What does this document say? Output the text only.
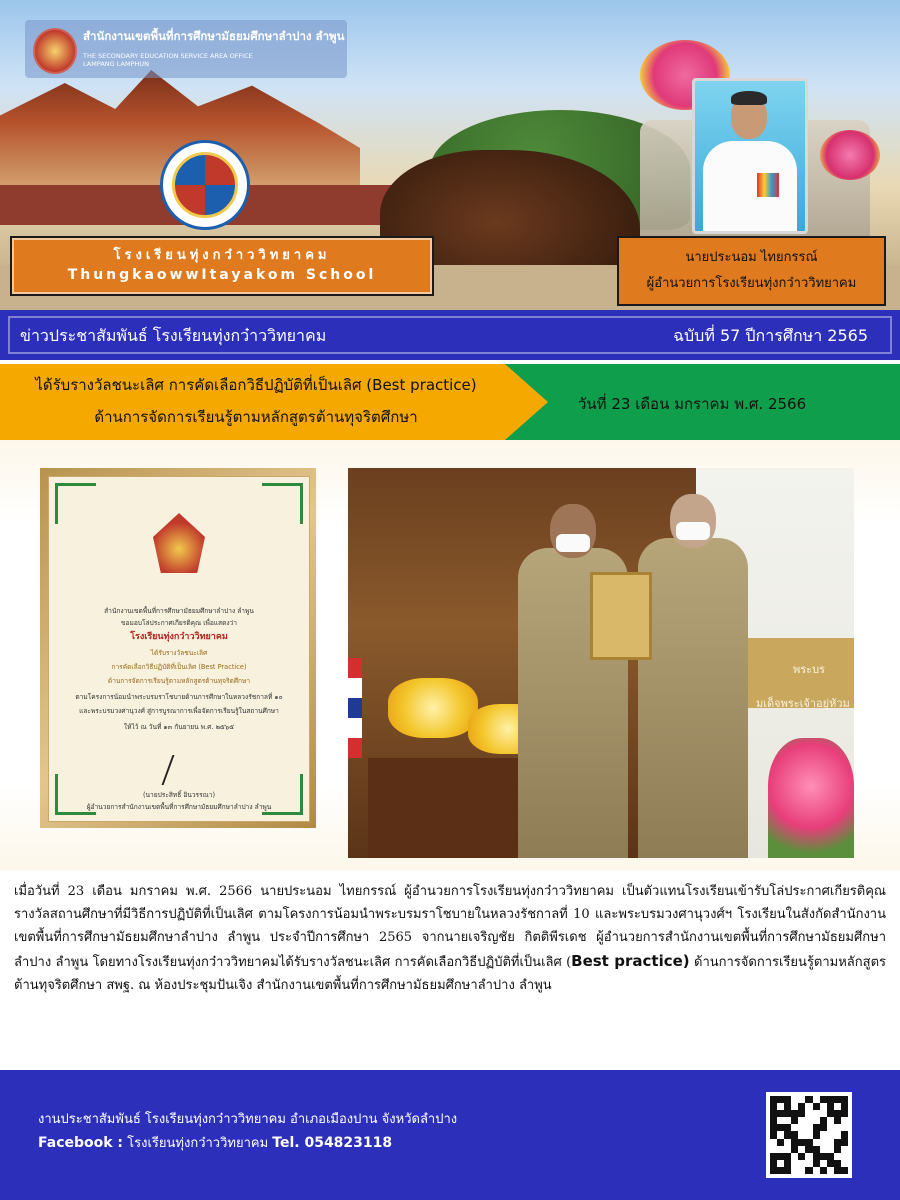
สำนักงานเขตพื้นที่การศึกษามัธยมศึกษาลำปาง ลำพูน
THE SECONDARY EDUCATION SERVICE AREA OFFICE
LAMPANG LAMPHUN
โรงเรียนทุ่งกว๋าววิทยาคม
ThungkaowwItayakom School
นายประนอม ไทยกรรณ์
ผู้อำนวยการโรงเรียนทุ่งกว๋าววิทยาคม
ข่าวประชาสัมพันธ์ โรงเรียนทุ่งกว๋าววิทยาคม	ฉบับที่ 57 ปีการศึกษา 2565
ได้รับรางวัลชนะเลิศ การคัดเลือกวิธีปฏิบัติที่เป็นเลิศ (Best practice)
ด้านการจัดการเรียนรู้ตามหลักสูตรต้านทุจริตศึกษา
วันที่ 23 เดือน มกราคม พ.ศ. 2566
สำนักงานเขตพื้นที่การศึกษามัธยมศึกษาลำปาง ลำพูน
ขอมอบโล่ประกาศเกียรติคุณ เพื่อแสดงว่า
โรงเรียนทุ่งกว๋าววิทยาคม
ได้รับรางวัลชนะเลิศ
การคัดเลือกวิธีปฏิบัติที่เป็นเลิศ (Best Practice)
ด้านการจัดการเรียนรู้ตามหลักสูตรต้านทุจริตศึกษา
ตามโครงการน้อมนำพระบรมราโชบายด้านการศึกษาในหลวงรัชกาลที่ ๑๐
และพระบรมวงศานุวงศ์ สู่การบูรณาการเพื่อจัดการเรียนรู้ในสถานศึกษา
ให้ไว้ ณ วันที่ ๑๓ กันยายน พ.ศ. ๒๕๖๕
(นายประสิทธิ์ อินวรรณา)
ผู้อำนวยการสำนักงานเขตพื้นที่การศึกษามัธยมศึกษาลำปาง ลำพูน
พระบร
มเด็จพระเจ้าอยู่หัวม
เมื่อวันที่ 23 เดือน มกราคม พ.ศ. 2566 นายประนอม ไทยกรรณ์ ผู้อำนวยการโรงเรียนทุ่งกว๋าววิทยาคม เป็นตัวแทนโรงเรียนเข้ารับโล่ประกาศเกียรติคุณ รางวัลสถานศึกษาที่มีวิธีการปฏิบัติที่เป็นเลิศ ตามโครงการน้อมนำพระบรมราโชบายในหลวงรัชกาลที่ 10 และพระบรมวงศานุวงศ์ฯ โรงเรียนในสังกัดสำนักงานเขตพื้นที่การศึกษามัธยมศึกษาลำปาง ลำพูน ประจำปีการศึกษา 2565 จากนายเจริญชัย กิตติพีรเดช ผู้อำนวยการสำนักงานเขตพื้นที่การศึกษามัธยมศึกษาลำปาง ลำพูน โดยทางโรงเรียนทุ่งกว๋าววิทยาคมได้รับรางวัลชนะเลิศ การคัดเลือกวิธีปฏิบัติที่เป็นเลิศ (Best practice) ด้านการจัดการเรียนรู้ตามหลักสูตรต้านทุจริตศึกษา สพฐ. ณ ห้องประชุมปันเจิง สำนักงานเขตพื้นที่การศึกษามัธยมศึกษาลำปาง ลำพูน
งานประชาสัมพันธ์ โรงเรียนทุ่งกว๋าววิทยาคม อำเภอเมืองปาน จังหวัดลำปาง
Facebook : โรงเรียนทุ่งกว๋าววิทยาคม Tel. 054823118
